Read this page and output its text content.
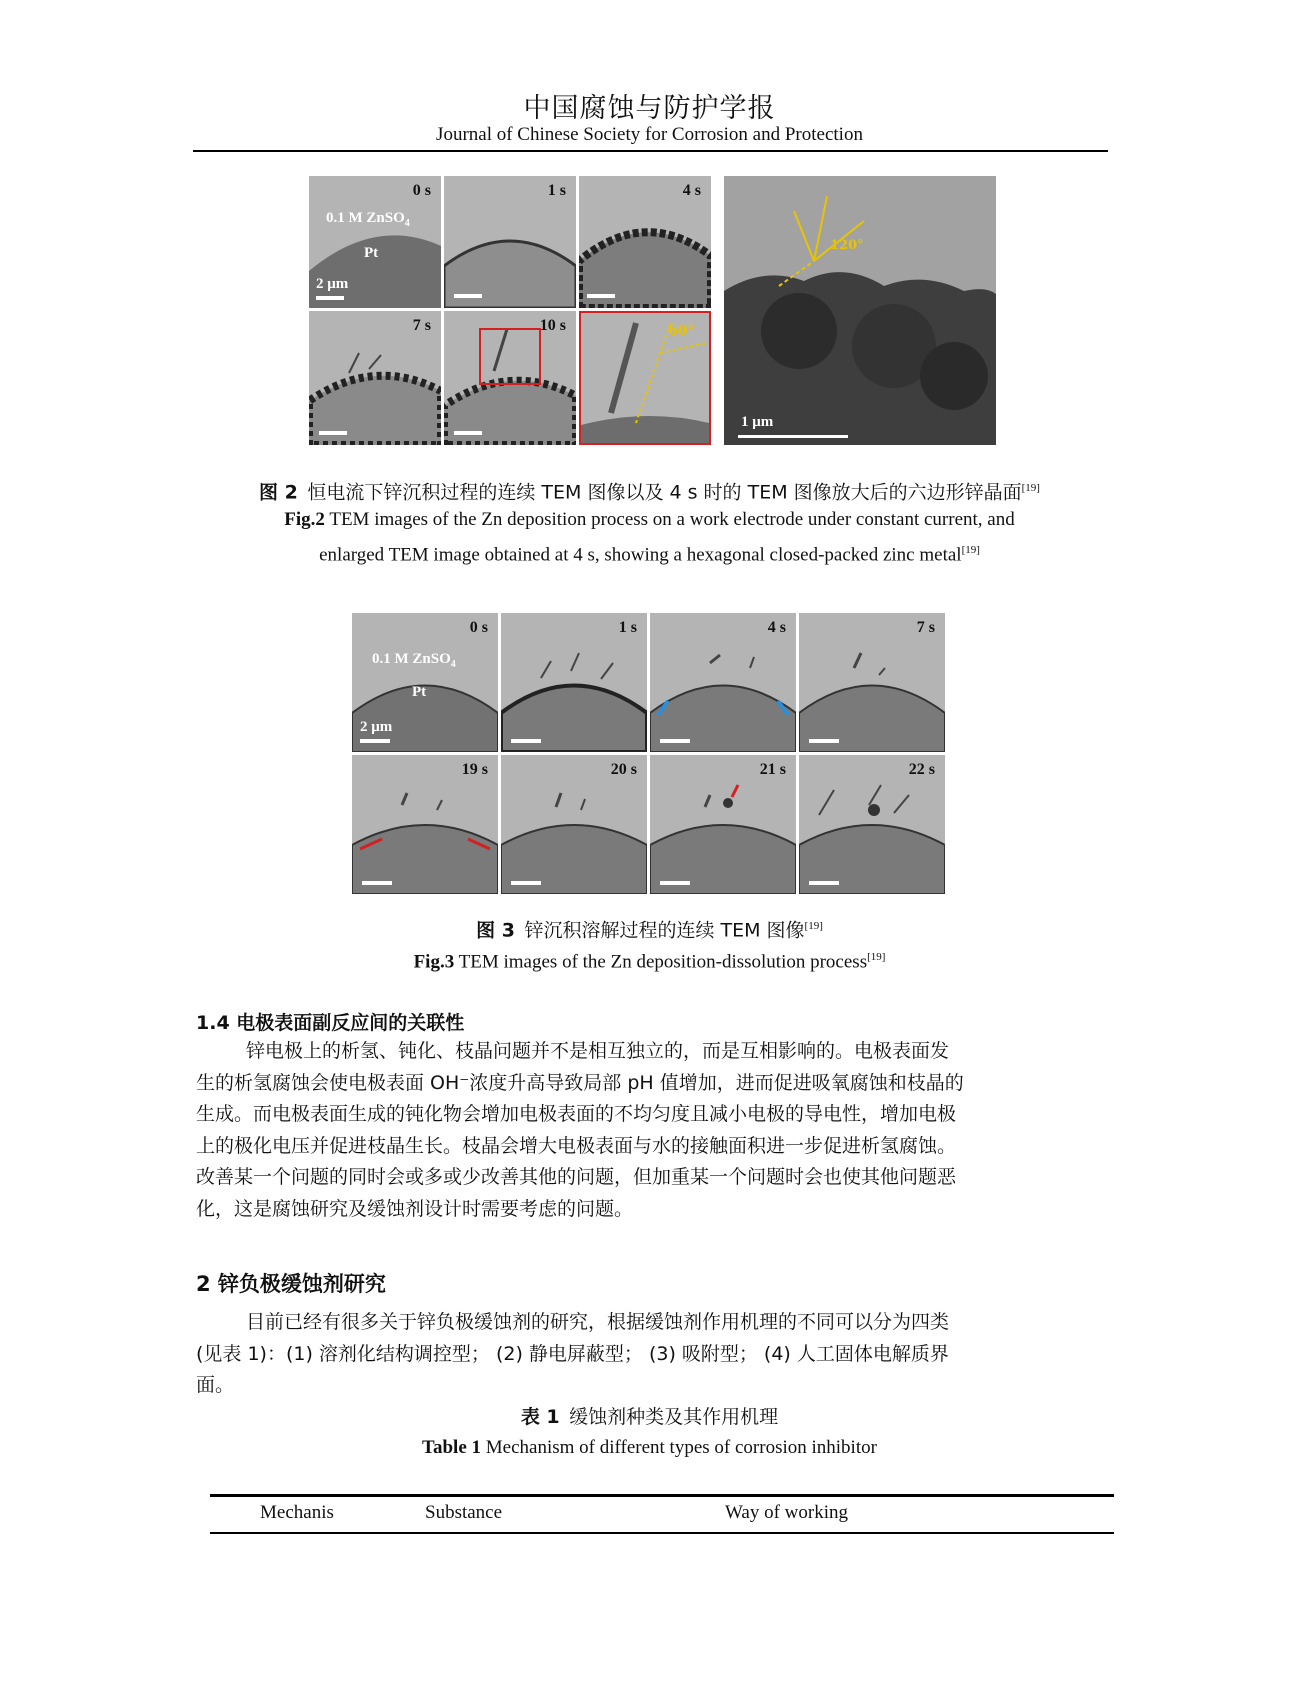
中国腐蚀与防护学报
Journal of Chinese Society for Corrosion and Protection
0 s
0.1 M ZnSO$_4$
Pt
2 μm
1 s	4 s
7 s	10 s	60°
120°
1 μm
图 2 恒电流下锌沉积过程的连续 TEM 图像以及 4 s 时的 TEM 图像放大后的六边形锌晶面[19]
Fig.2 TEM images of the Zn deposition process on a work electrode under constant current, and
enlarged TEM image obtained at 4 s, showing a hexagonal closed-packed zinc metal[19]
0 s
0.1 M ZnSO$_4$
Pt
2 μm
1 s	4 s	7 s
19 s	20 s	21 s	22 s
图 3 锌沉积溶解过程的连续 TEM 图像[19]
Fig.3 TEM images of the Zn deposition-dissolution process[19]
1.4 电极表面副反应间的关联性
锌电极上的析氢、钝化、枝晶问题并不是相互独立的，而是互相影响的。电极表面发
生的析氢腐蚀会使电极表面 OH⁻浓度升高导致局部 pH 值增加，进而促进吸氧腐蚀和枝晶的
生成。而电极表面生成的钝化物会增加电极表面的不均匀度且减小电极的导电性，增加电极
上的极化电压并促进枝晶生长。枝晶会增大电极表面与水的接触面积进一步促进析氢腐蚀。
改善某一个问题的同时会或多或少改善其他的问题，但加重某一个问题时会也使其他问题恶
化，这是腐蚀研究及缓蚀剂设计时需要考虑的问题。
2 锌负极缓蚀剂研究
目前已经有很多关于锌负极缓蚀剂的研究，根据缓蚀剂作用机理的不同可以分为四类
(见表 1)：(1) 溶剂化结构调控型； (2) 静电屏蔽型； (3) 吸附型； (4) 人工固体电解质界
面。
表 1 缓蚀剂种类及其作用机理
Table 1 Mechanism of different types of corrosion inhibitor
	Mechanis	Substance	Way of working
